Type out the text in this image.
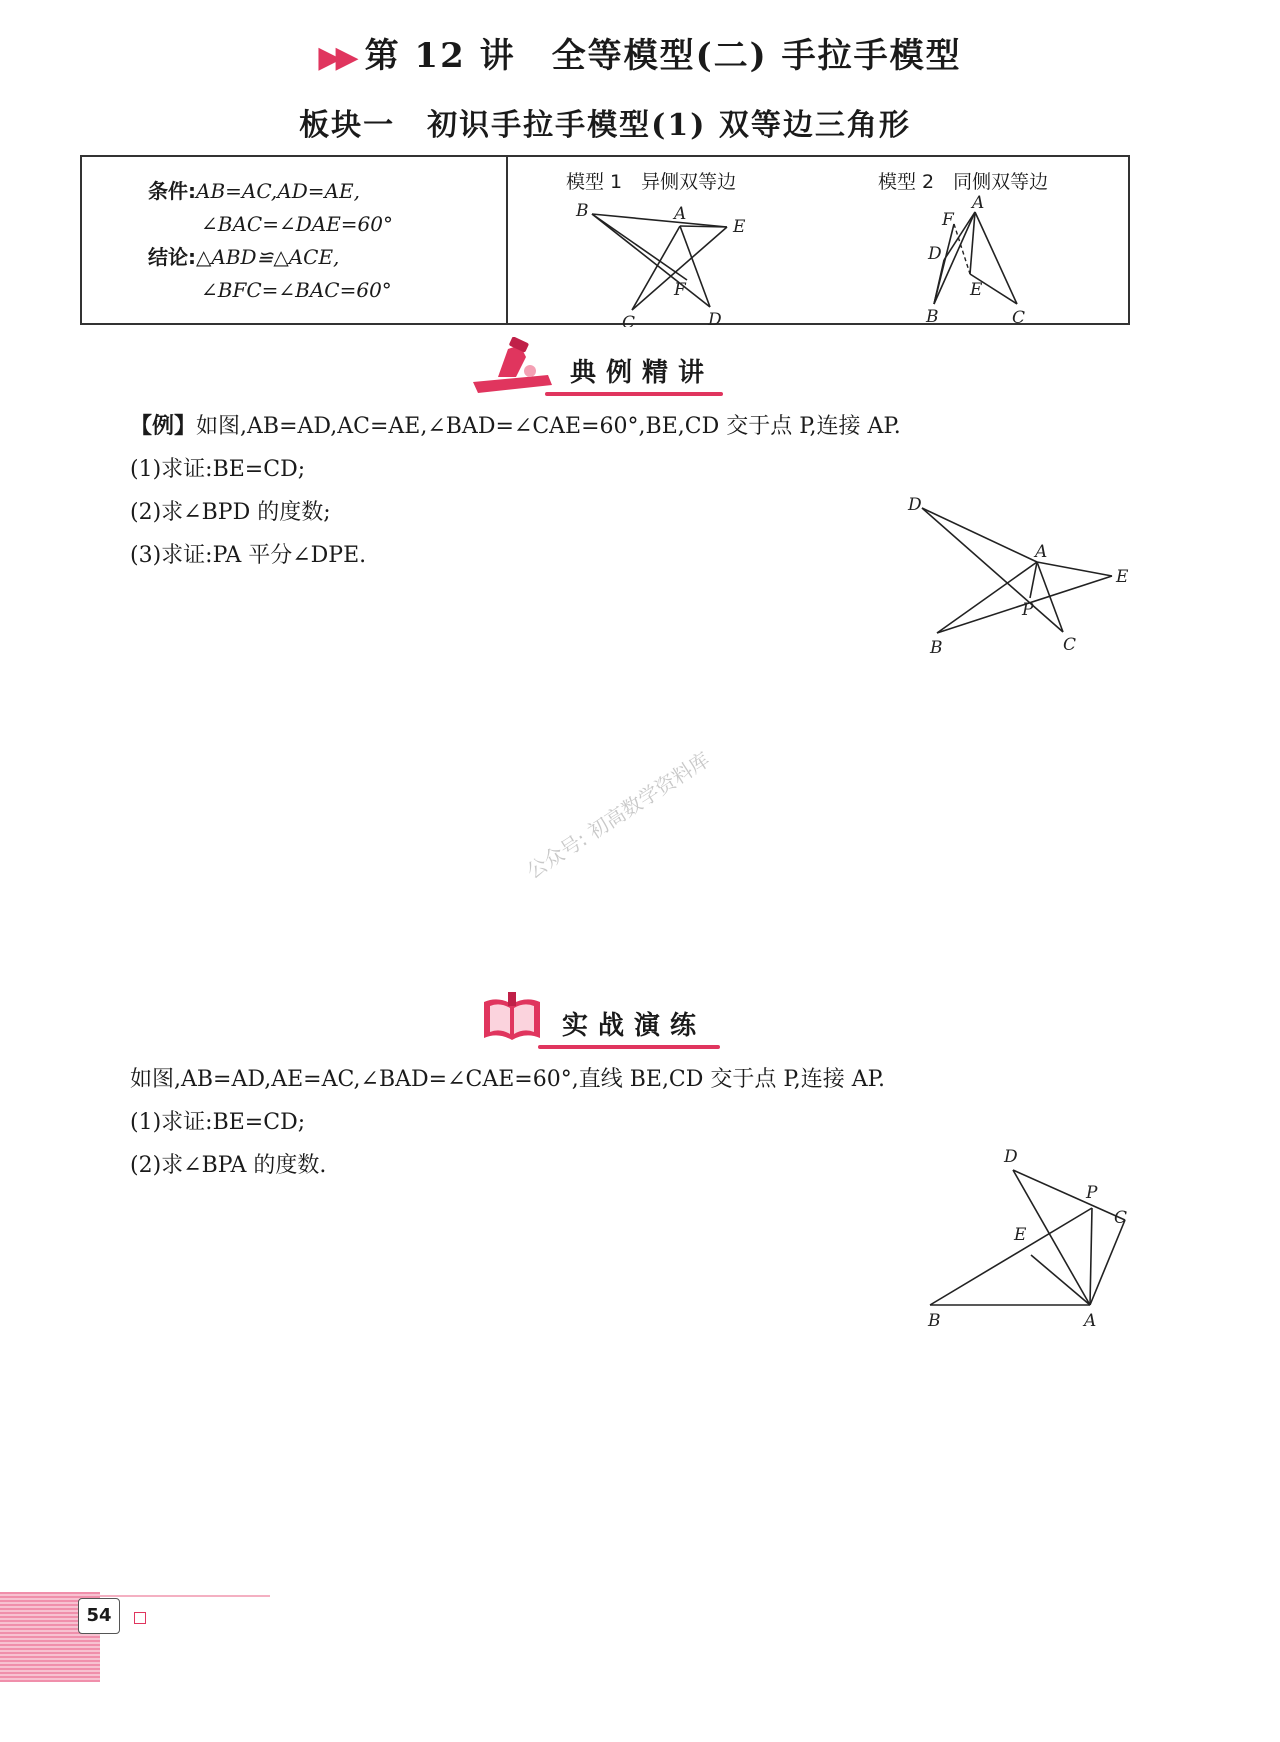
▶▶ 第 12 讲　全等模型(二) 手拉手模型
板块一　初识手拉手模型(1) 双等边三角形
条件:AB=AC,AD=AE,
∠BAC=∠DAE=60°
结论:△ABD≌△ACE,
∠BFC=∠BAC=60°
模型 1　异侧双等边	模型 2　同侧双等边
B	A
E
F
D
C
F
A
D
E
B	C
典例精讲
【例】如图,AB=AD,AC=AE,∠BAD=∠CAE=60°,BE,CD 交于点 P,连接 AP.
(1)求证:BE=CD;
(2)求∠BPD 的度数;
(3)求证:PA 平分∠DPE.
D
A
E
P
B	C
公众号: 初高数学资料库
实战演练
如图,AB=AD,AE=AC,∠BAD=∠CAE=60°,直线 BE,CD 交于点 P,连接 AP.
(1)求证:BE=CD;
(2)求∠BPA 的度数.	D
P
C
E
B	A
54
